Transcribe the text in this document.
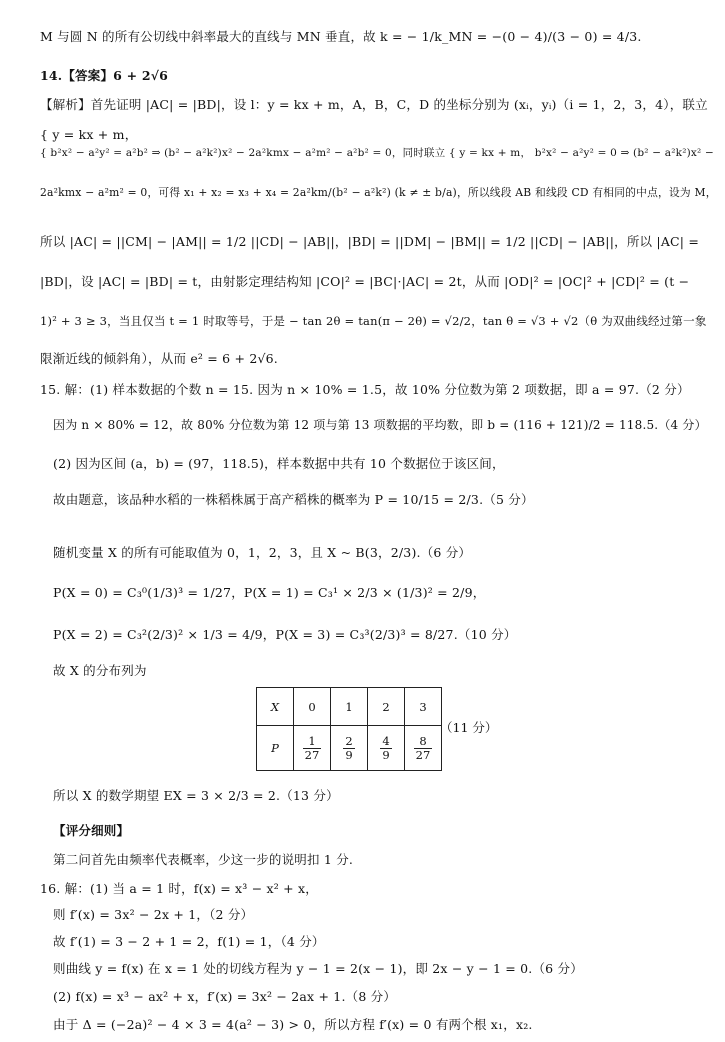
M 与圆 N 的所有公切线中斜率最大的直线与 MN 垂直，故 k = − 1/k_MN = −(0 − 4)/(3 − 0) = 4/3.
14.【答案】6 + 2√6
【解析】首先证明 |AC| = |BD|，设 l：y = kx + m，A，B，C，D 的坐标分别为 (xᵢ，yᵢ)（i = 1，2，3，4），联立
{ y = kx + m，
{ b²x² − a²y² = a²b² ⇒ (b² − a²k²)x² − 2a²kmx − a²m² − a²b² = 0，同时联立 { y = kx + m， b²x² − a²y² = 0 ⇒ (b² − a²k²)x² −
2a²kmx − a²m² = 0，可得 x₁ + x₂ = x₃ + x₄ = 2a²km/(b² − a²k²) (k ≠ ± b/a)，所以线段 AB 和线段 CD 有相同的中点，设为 M，
所以 |AC| = ||CM| − |AM|| = 1/2 ||CD| − |AB||，|BD| = ||DM| − |BM|| = 1/2 ||CD| − |AB||，所以 |AC| =
|BD|，设 |AC| = |BD| = t，由射影定理结构知 |CO|² = |BC|·|AC| = 2t，从而 |OD|² = |OC|² + |CD|² = (t −
1)² + 3 ≥ 3，当且仅当 t = 1 时取等号，于是 − tan 2θ = tan(π − 2θ) = √2/2，tan θ = √3 + √2（θ 为双曲线经过第一象
限渐近线的倾斜角），从而 e² = 6 + 2√6.
15. 解：(1) 样本数据的个数 n = 15. 因为 n × 10% = 1.5，故 10% 分位数为第 2 项数据，即 a = 97.（2 分）
因为 n × 80% = 12，故 80% 分位数为第 12 项与第 13 项数据的平均数，即 b = (116 + 121)/2 = 118.5.（4 分）
(2) 因为区间 (a，b) = (97，118.5)，样本数据中共有 10 个数据位于该区间，
故由题意，该品种水稻的一株稻株属于高产稻株的概率为 P = 10/15 = 2/3.（5 分）
随机变量 X 的所有可能取值为 0，1，2，3，且 X ~ B(3，2/3).（6 分）
P(X = 0) = C₃⁰(1/3)³ = 1/27，P(X = 1) = C₃¹ × 2/3 × (1/3)² = 2/9，
P(X = 2) = C₃²(2/3)² × 1/3 = 4/9，P(X = 3) = C₃³(2/3)³ = 8/27.（10 分）
故 X 的分布列为
X	0	1	2	3
P	$\frac{1}{27}$	$\frac{2}{9}$	$\frac{4}{9}$	$\frac{8}{27}$
（11 分）
所以 X 的数学期望 EX = 3 × 2/3 = 2.（13 分）
【评分细则】
第二问首先由频率代表概率，少这一步的说明扣 1 分.
16. 解：(1) 当 a = 1 时，f(x) = x³ − x² + x，
则 f′(x) = 3x² − 2x + 1，（2 分）
故 f′(1) = 3 − 2 + 1 = 2，f(1) = 1，（4 分）
则曲线 y = f(x) 在 x = 1 处的切线方程为 y − 1 = 2(x − 1)，即 2x − y − 1 = 0.（6 分）
(2) f(x) = x³ − ax² + x，f′(x) = 3x² − 2ax + 1.（8 分）
由于 Δ = (−2a)² − 4 × 3 = 4(a² − 3) > 0，所以方程 f′(x) = 0 有两个根 x₁，x₂.
